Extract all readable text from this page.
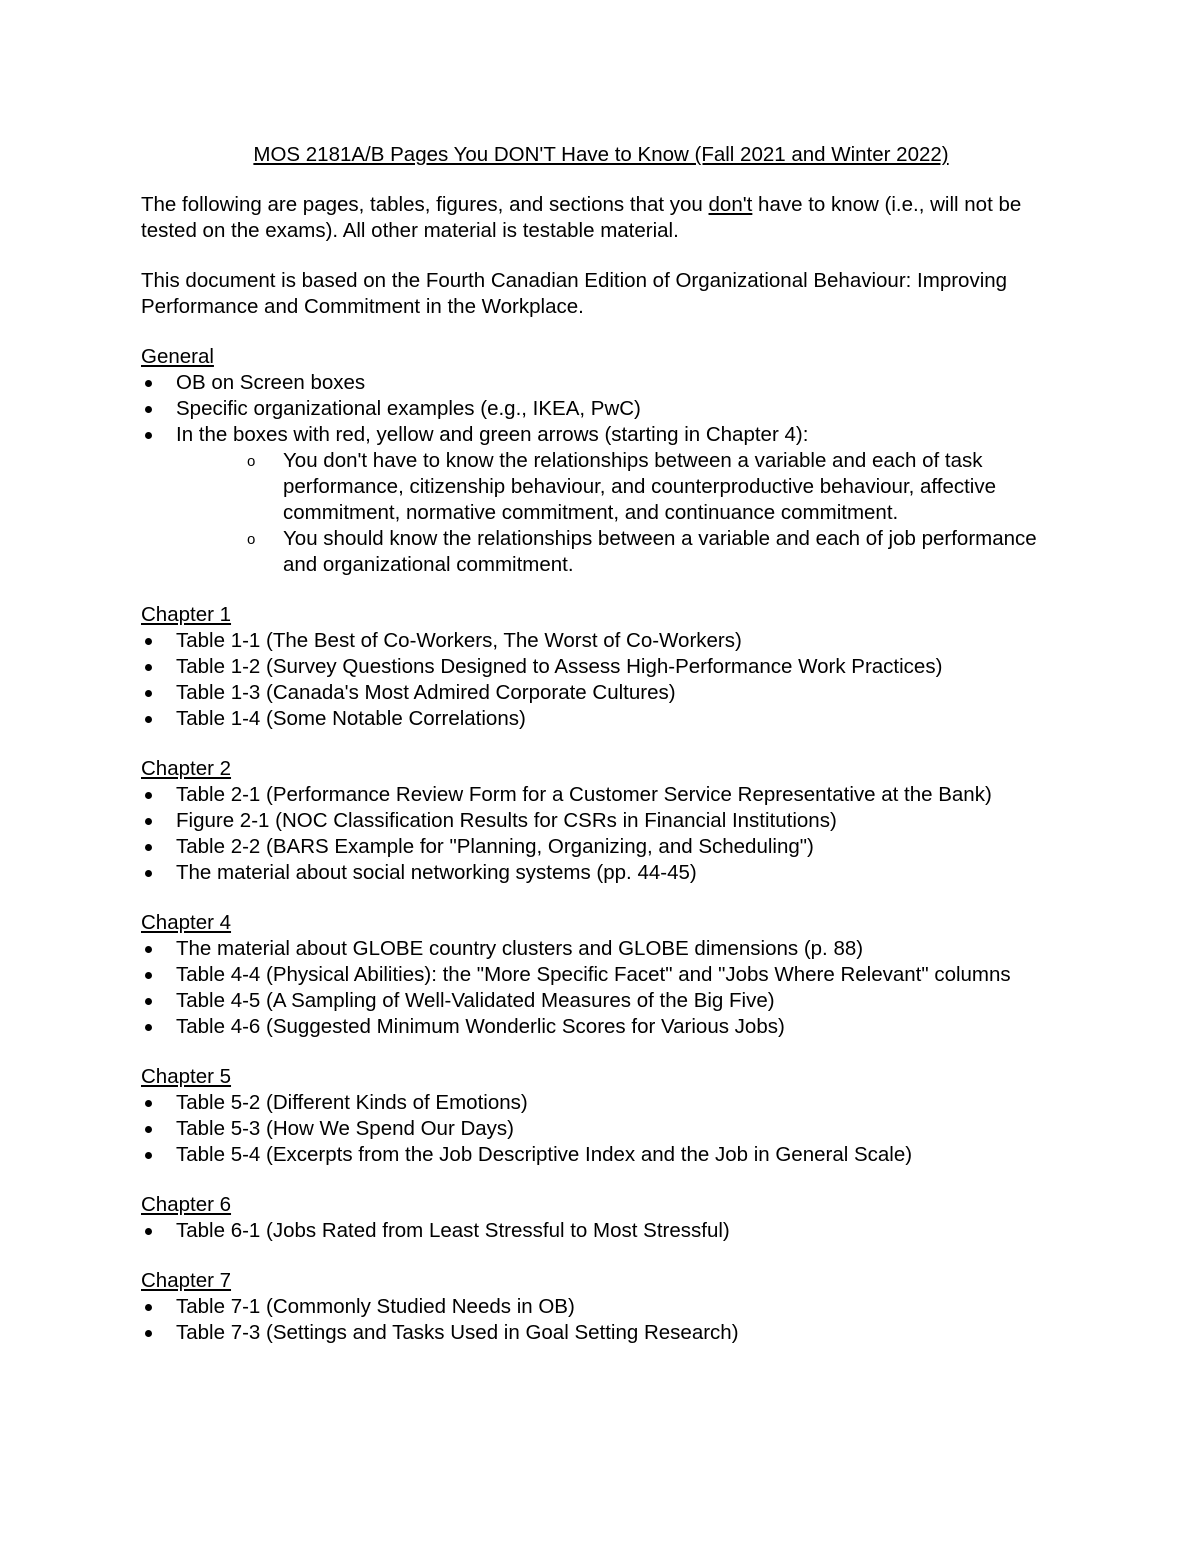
MOS 2181A/B Pages You DON'T Have to Know (Fall 2021 and Winter 2022)

The following are pages, tables, figures, and sections that you don't have to know (i.e., will not be tested on the exams). All other material is testable material.

This document is based on the Fourth Canadian Edition of Organizational Behaviour: Improving Performance and Commitment in the Workplace.

General
OB on Screen boxes
Specific organizational examples (e.g., IKEA, PwC)
In the boxes with red, yellow and green arrows (starting in Chapter 4):
o You don't have to know the relationships between a variable and each of task performance, citizenship behaviour, and counterproductive behaviour, affective commitment, normative commitment, and continuance commitment.
o You should know the relationships between a variable and each of job performance and organizational commitment.
Chapter 1
Table 1-1 (The Best of Co-Workers, The Worst of Co-Workers)
Table 1-2 (Survey Questions Designed to Assess High-Performance Work Practices)
Table 1-3 (Canada's Most Admired Corporate Cultures)
Table 1-4 (Some Notable Correlations)
Chapter 2
Table 2-1 (Performance Review Form for a Customer Service Representative at the Bank)
Figure 2-1 (NOC Classification Results for CSRs in Financial Institutions)
Table 2-2 (BARS Example for "Planning, Organizing, and Scheduling")
The material about social networking systems (pp. 44-45)
Chapter 4
The material about GLOBE country clusters and GLOBE dimensions (p. 88)
Table 4-4 (Physical Abilities): the "More Specific Facet" and "Jobs Where Relevant" columns
Table 4-5 (A Sampling of Well-Validated Measures of the Big Five)
Table 4-6 (Suggested Minimum Wonderlic Scores for Various Jobs)
Chapter 5
Table 5-2 (Different Kinds of Emotions)
Table 5-3 (How We Spend Our Days)
Table 5-4 (Excerpts from the Job Descriptive Index and the Job in General Scale)
Chapter 6
Table 6-1 (Jobs Rated from Least Stressful to Most Stressful)
Chapter 7
Table 7-1 (Commonly Studied Needs in OB)
Table 7-3 (Settings and Tasks Used in Goal Setting Research)
